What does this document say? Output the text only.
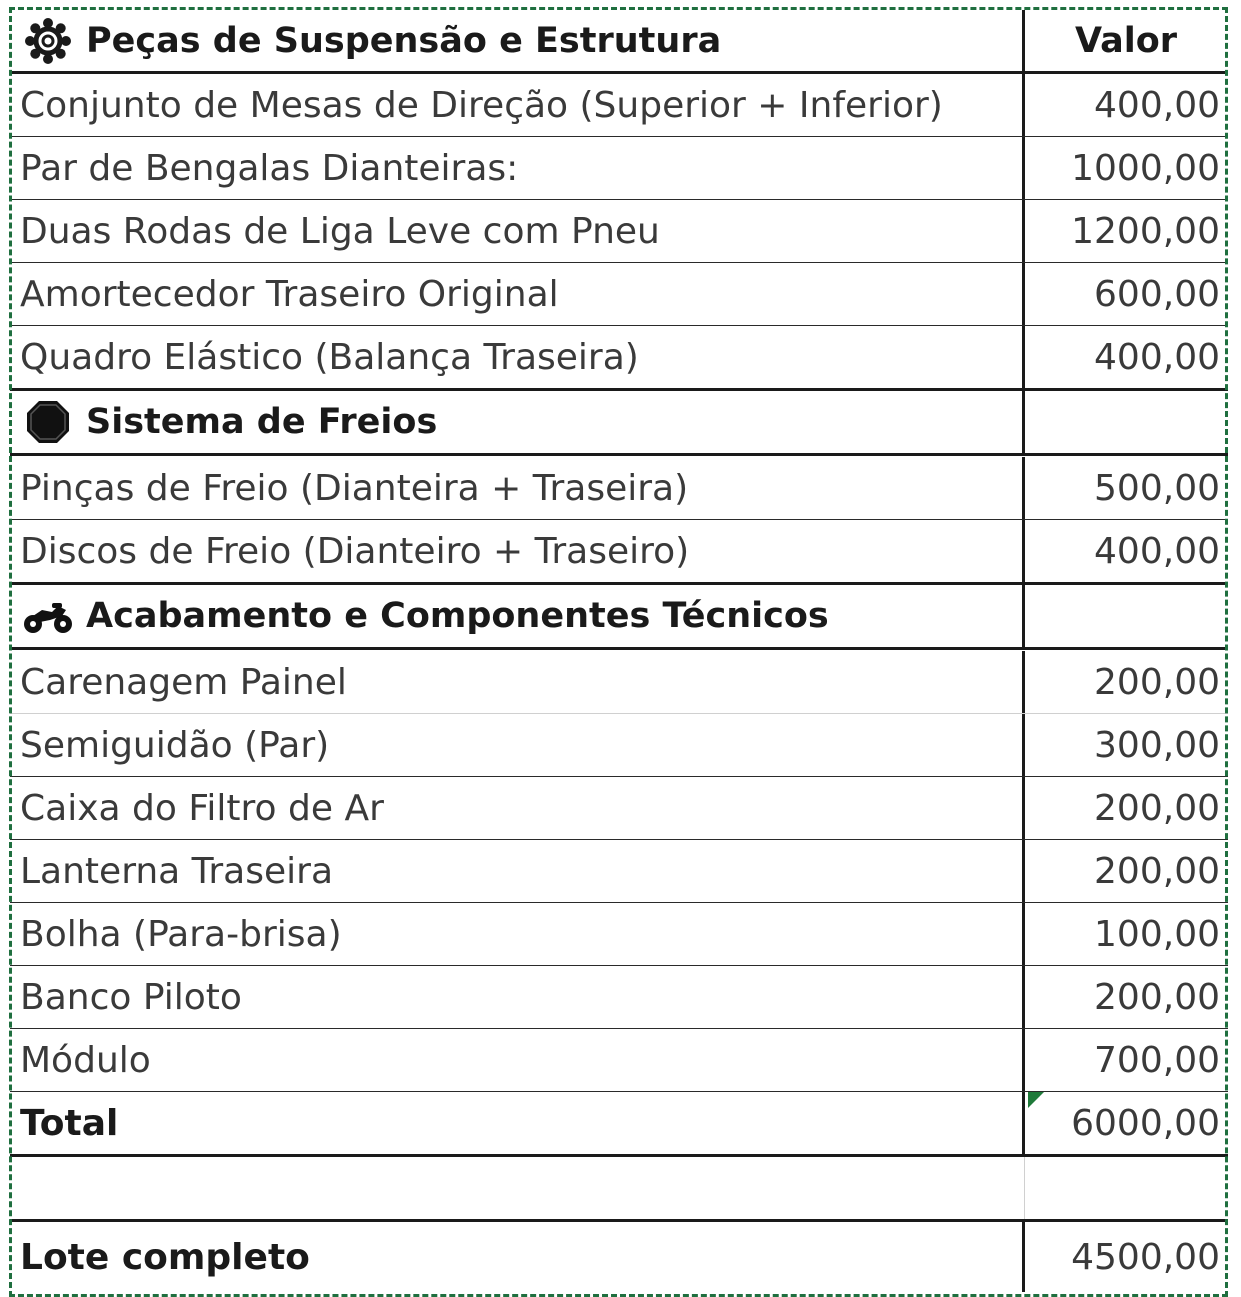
Peças de Suspensão e Estrutura	Valor
Conjunto de Mesas de Direção (Superior + Inferior)	400,00
Par de Bengalas Dianteiras:	1000,00
Duas Rodas de Liga Leve com Pneu	1200,00
Amortecedor Traseiro Original	600,00
Quadro Elástico (Balança Traseira)	400,00
Sistema de Freios
Pinças de Freio (Dianteira + Traseira)	500,00
Discos de Freio (Dianteiro + Traseiro)	400,00
Acabamento e Componentes Técnicos
Carenagem Painel	200,00
Semiguidão (Par)	300,00
Caixa do Filtro de Ar	200,00
Lanterna Traseira	200,00
Bolha (Para-brisa)	100,00
Banco Piloto	200,00
Módulo	700,00
Total	6000,00
Lote completo	4500,00
